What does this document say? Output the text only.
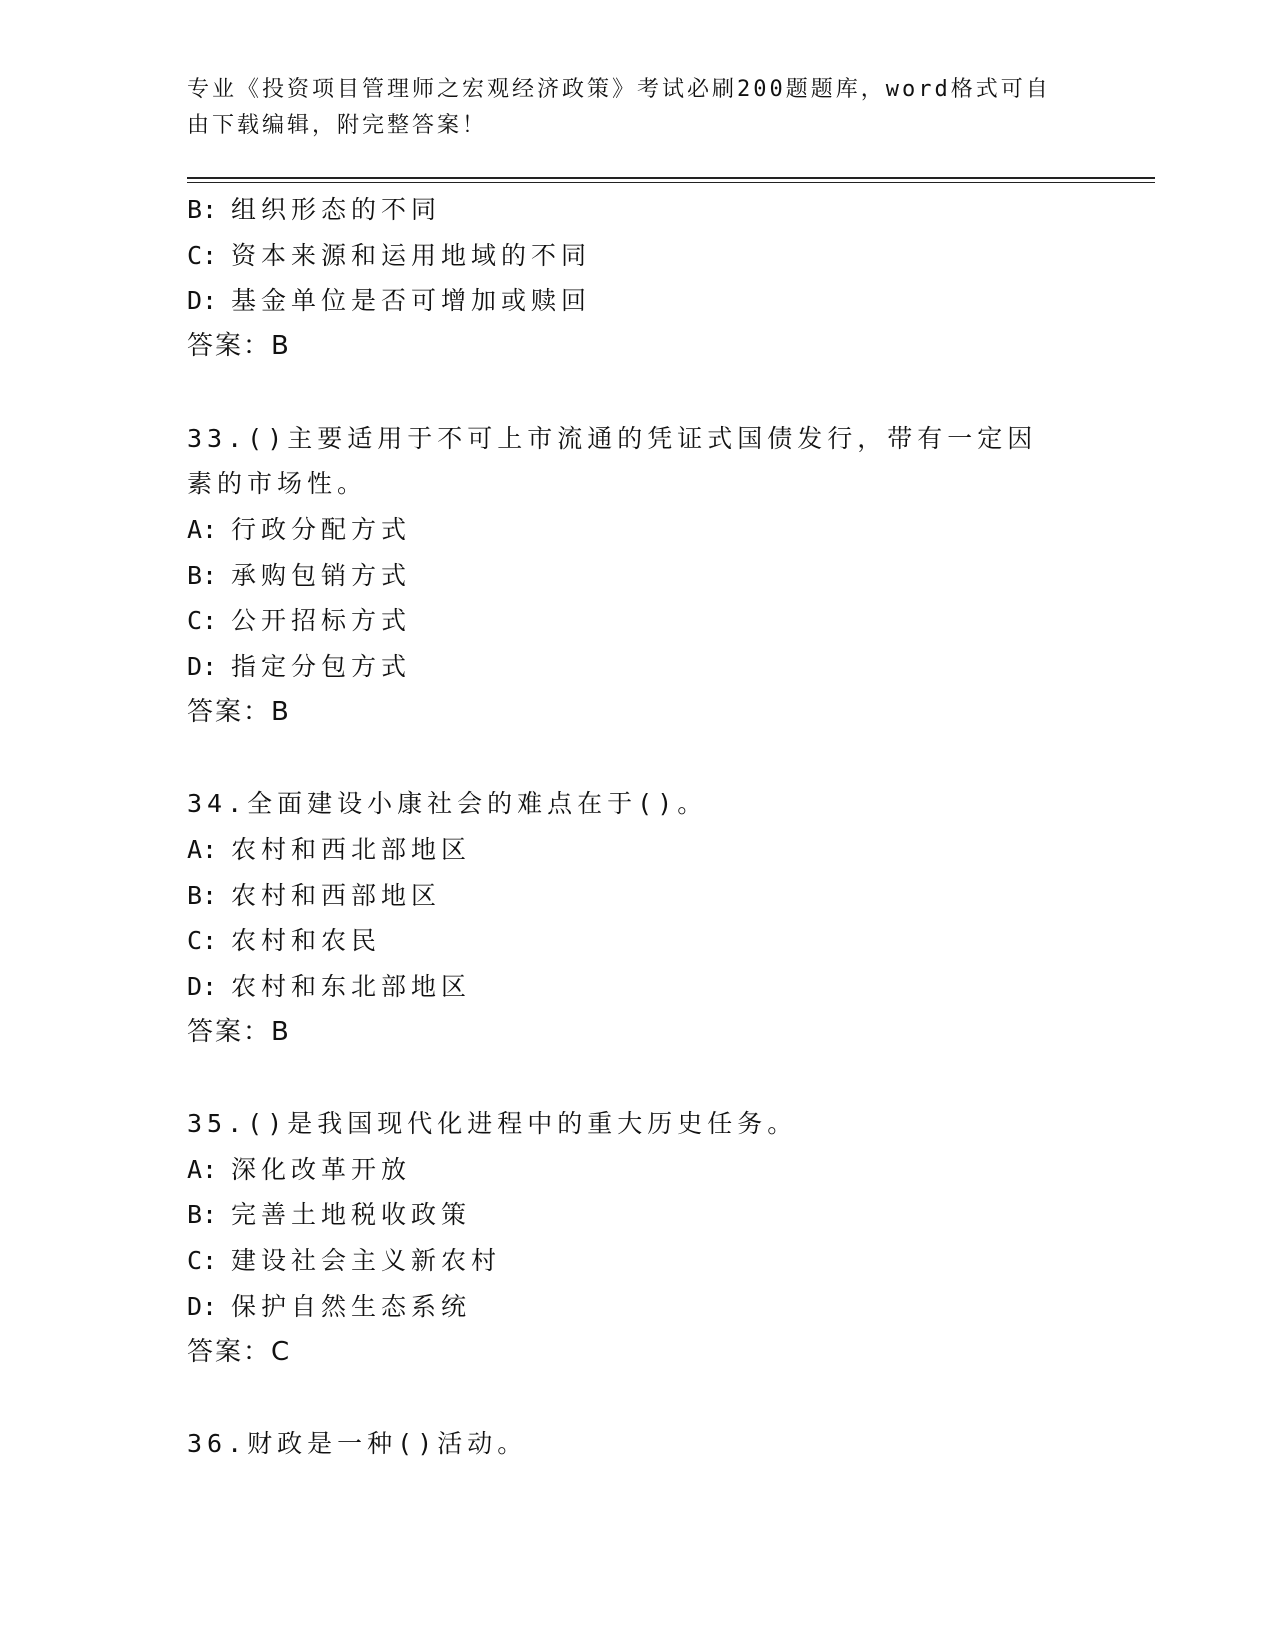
专业《投资项目管理师之宏观经济政策》考试必刷200题题库，word格式可自由下载编辑，附完整答案！
B: 组织形态的不同
C: 资本来源和运用地域的不同
D: 基金单位是否可增加或赎回
答案：B
33.()主要适用于不可上市流通的凭证式国债发行，带有一定因素的市场性。
A: 行政分配方式
B: 承购包销方式
C: 公开招标方式
D: 指定分包方式
答案：B
34.全面建设小康社会的难点在于()。
A: 农村和西北部地区
B: 农村和西部地区
C: 农村和农民
D: 农村和东北部地区
答案：B
35.()是我国现代化进程中的重大历史任务。
A: 深化改革开放
B: 完善土地税收政策
C: 建设社会主义新农村
D: 保护自然生态系统
答案：C
36.财政是一种()活动。
